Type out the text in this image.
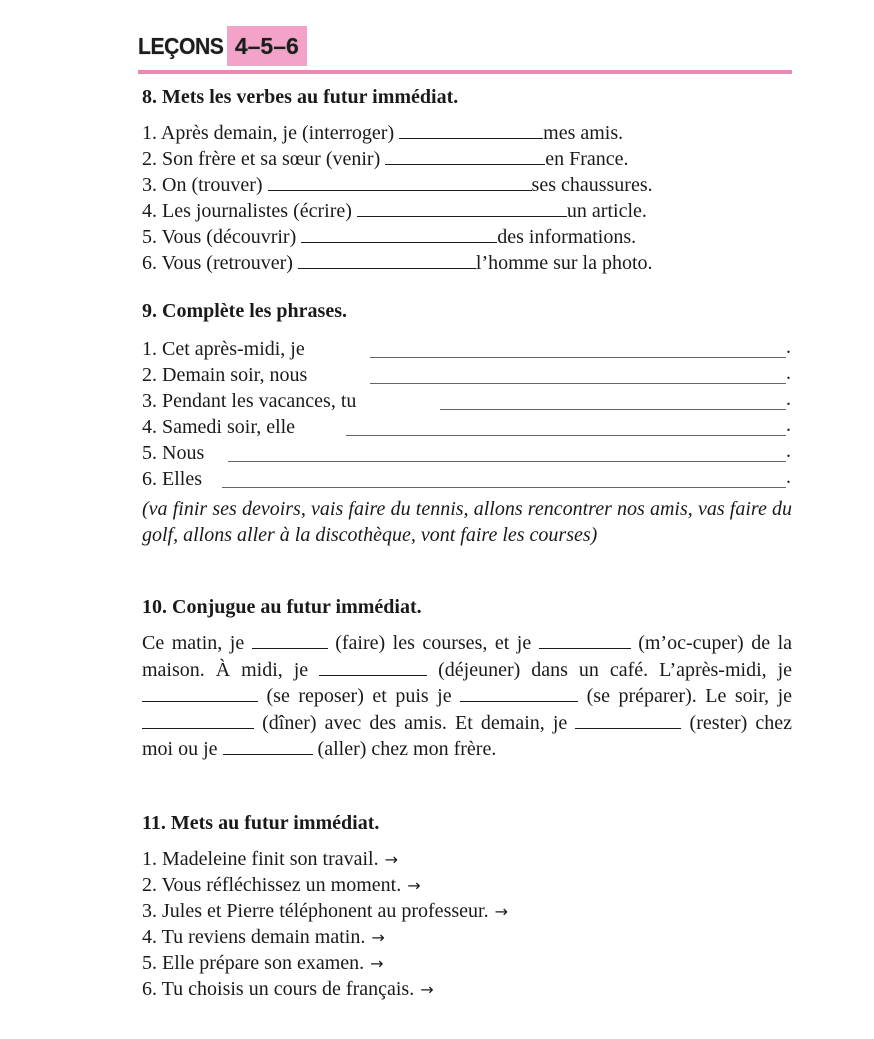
LEÇONS 4–5–6
8. Mets les verbes au futur immédiat.
1. Après demain, je (interroger)	mes amis.
2. Son frère et sa sœur (venir)	en France.
3. On (trouver)	ses chaussures.
4. Les journalistes (écrire)	un article.
5. Vous (découvrir)	des informations.
6. Vous (retrouver)	l’homme sur la photo.
9. Complète les phrases.
1. Cet après-midi, je	.
2. Demain soir, nous	.
3. Pendant les vacances, tu	.
4. Samedi soir, elle	.
5. Nous	.
6. Elles	.
(va finir ses devoirs, vais faire du tennis, allons rencontrer nos amis, vas faire du golf, allons aller à la discothèque, vont faire les courses)
10. Conjugue au futur immédiat.
Ce matin, je	(faire) les courses, et je	(m’oc-cuper) de la maison. À midi, je	(déjeuner) dans un café. L’après-midi, je  (se reposer) et puis je	(se préparer). Le soir, je  (dîner) avec des amis. Et demain, je	(rester) chez moi ou je	(aller) chez mon frère.
11. Mets au futur immédiat.
1. Madeleine finit son travail. →
2. Vous réfléchissez un moment. →
3. Jules et Pierre téléphonent au professeur. →
4. Tu reviens demain matin. →
5. Elle prépare son examen. →
6. Tu choisis un cours de français. →
